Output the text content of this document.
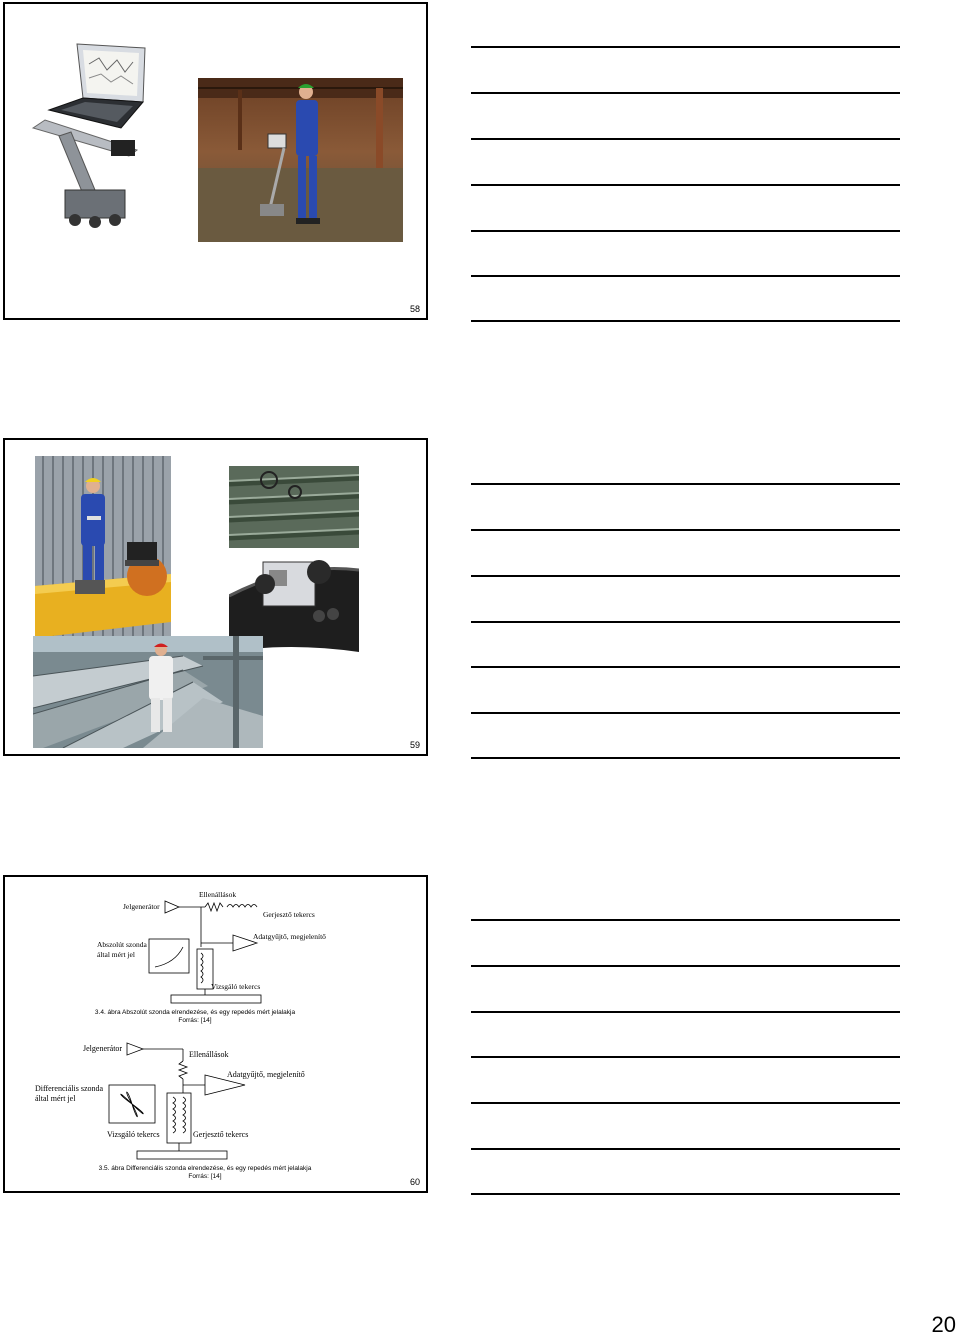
58
59
Jelgenerátor
Ellenállások
Gerjesztő tekercs
Adatgyűjtő, megjelenítő
Abszolút szonda
által mért jel
Vizsgáló tekercs
3.4. ábra Abszolút szonda elrendezése, és egy repedés mért jelalakja
Forrás: [14]
Jelgenerátor
Ellenállások
Adatgyűjtő, megjelenítő
Differenciális szonda
által mért jel
Vizsgáló tekercs	Gerjesztő tekercs
3.5. ábra Differenciális szonda elrendezése, és egy repedés mért jelalakja
Forrás: [14]
60
20
